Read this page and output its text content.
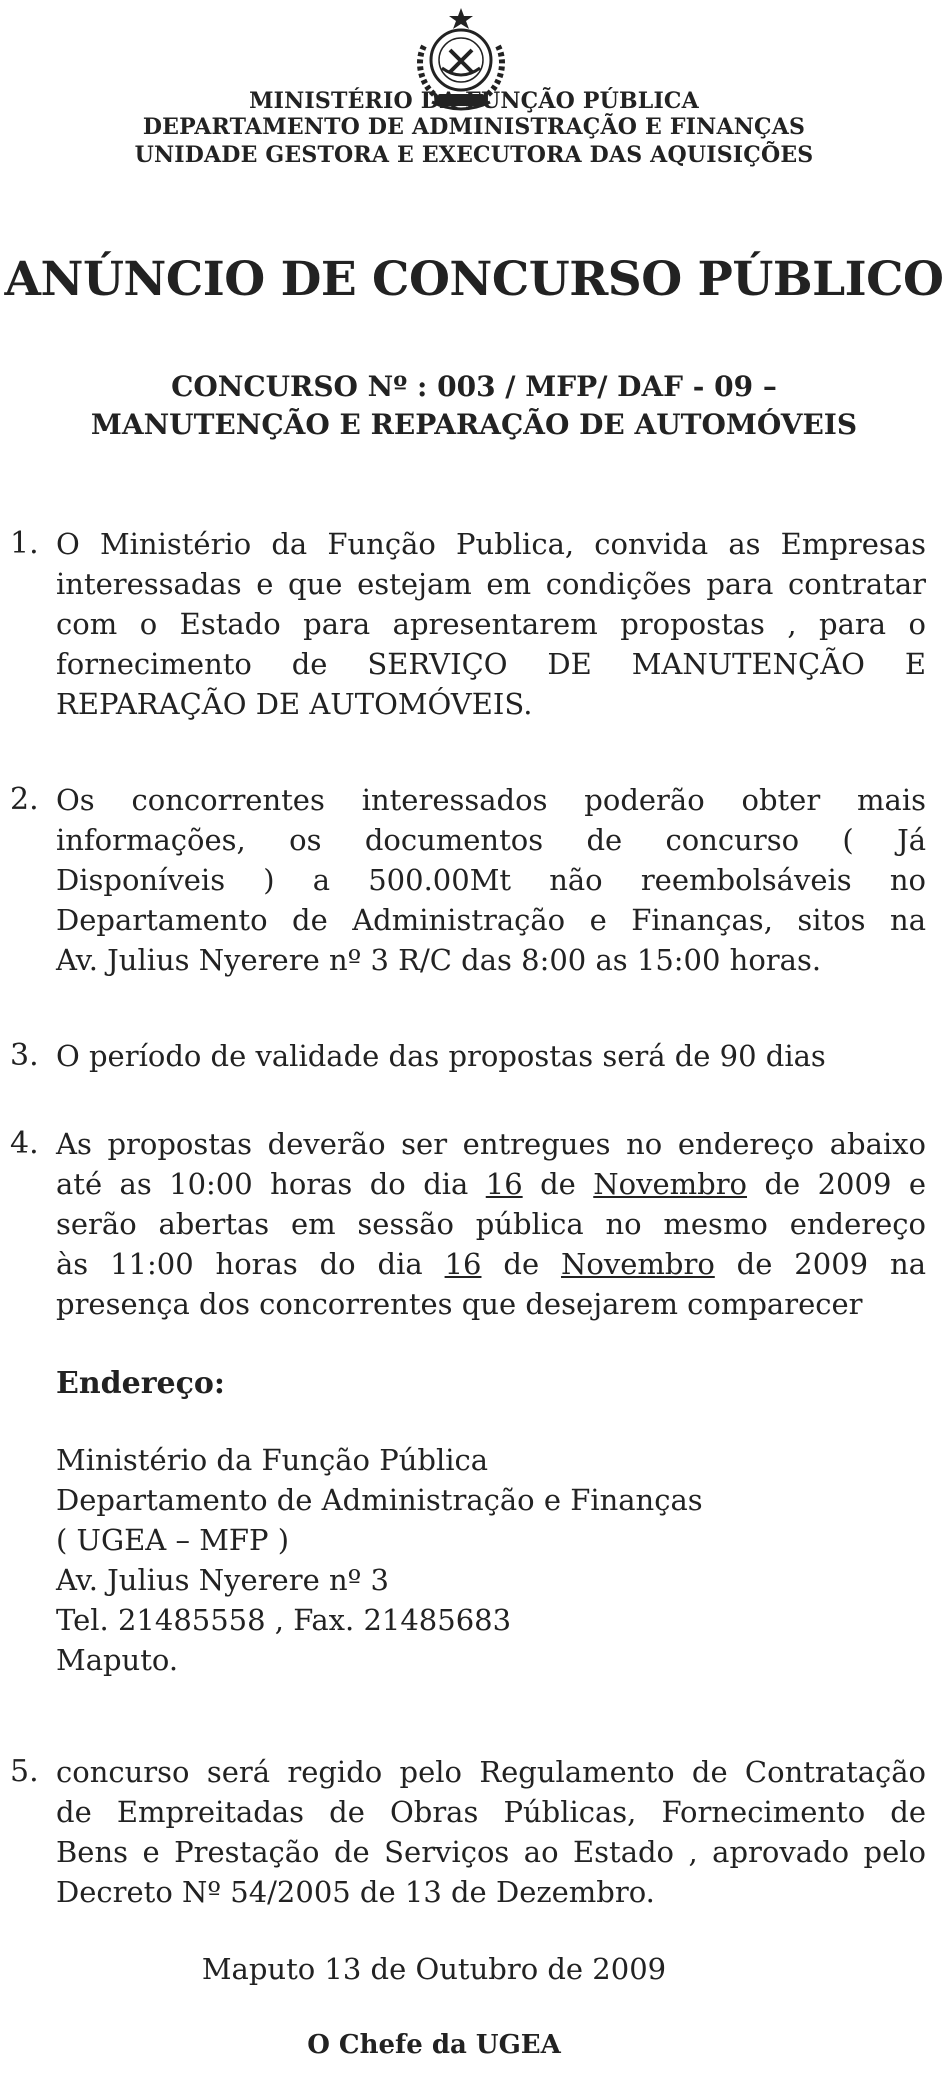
MINISTÉRIO DA FUNÇÃO PÚBLICA
DEPARTAMENTO DE ADMINISTRAÇÃO E FINANÇAS
UNIDADE GESTORA E EXECUTORA DAS AQUISIÇÕES
ANÚNCIO DE CONCURSO PÚBLICO
CONCURSO Nº : 003 / MFP/ DAF - 09 –
MANUTENÇÃO E REPARAÇÃO DE AUTOMÓVEIS
1. O Ministério da Função Publica, convida as Empresas
interessadas e que estejam em condições para contratar
com o Estado para apresentarem propostas , para o
fornecimento de SERVIÇO DE MANUTENÇÃO E
REPARAÇÃO DE AUTOMÓVEIS.
2. Os concorrentes interessados poderão obter mais
informações, os documentos de concurso ( Já
Disponíveis ) a 500.00Mt não reembolsáveis no
Departamento de Administração e Finanças, sitos na
Av. Julius Nyerere nº 3 R/C das 8:00 as 15:00 horas.
3. O período de validade das propostas será de 90 dias
4. As propostas deverão ser entregues no endereço abaixo
até as 10:00 horas do dia 16 de Novembro de 2009 e
serão abertas em sessão pública no mesmo endereço
às 11:00 horas do dia 16 de Novembro de 2009 na
presença dos concorrentes que desejarem comparecer
Endereço:
Ministério da Função Pública
Departamento de Administração e Finanças
( UGEA – MFP )
Av. Julius Nyerere nº 3
Tel. 21485558 , Fax. 21485683
Maputo.
5. concurso será regido pelo Regulamento de Contratação
de Empreitadas de Obras Públicas, Fornecimento de
Bens e Prestação de Serviços ao Estado , aprovado pelo
Decreto Nº 54/2005 de 13 de Dezembro.
Maputo 13 de Outubro de 2009
O Chefe da UGEA
